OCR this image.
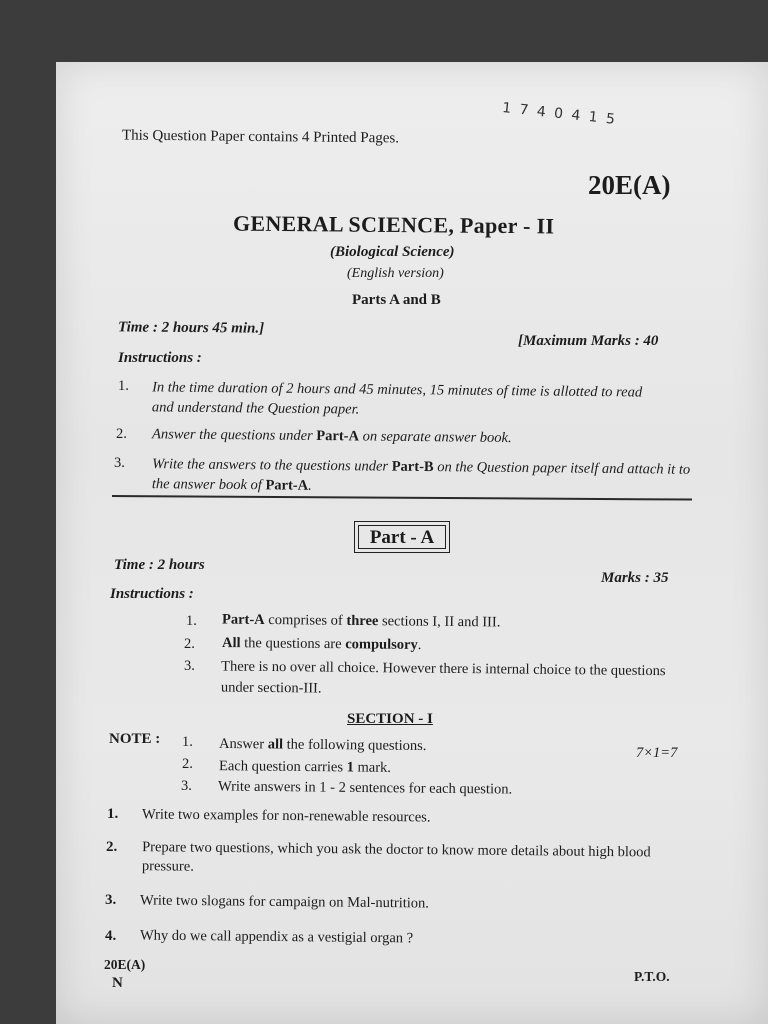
1 7 4 0 4 1 5
This Question Paper contains 4 Printed Pages.
20E(A)
GENERAL SCIENCE, Paper - II
(Biological Science)
(English version)
Parts A and B
Time : 2 hours 45 min.]
[Maximum Marks : 40
Instructions :
1. In the time duration of 2 hours and 45 minutes, 15 minutes of time is allotted to read and understand the Question paper.
2. Answer the questions under Part-A on separate answer book.
3. Write the answers to the questions under Part-B on the Question paper itself and attach it to the answer book of Part-A.
Part - A
Time : 2 hours
Marks : 35
Instructions :
1. Part-A comprises of three sections I, II and III.
2. All the questions are compulsory.
3. There is no over all choice. However there is internal choice to the questions under section-III.
SECTION - I
NOTE :
7×1=7
1. Answer all the following questions.
2. Each question carries 1 mark.
3. Write answers in 1 - 2 sentences for each question.
1. Write two examples for non-renewable resources.
2. Prepare two questions, which you ask the doctor to know more details about high blood pressure.
3. Write two slogans for campaign on Mal-nutrition.
4. Why do we call appendix as a vestigial organ ?
20E(A)
N	P.T.O.
